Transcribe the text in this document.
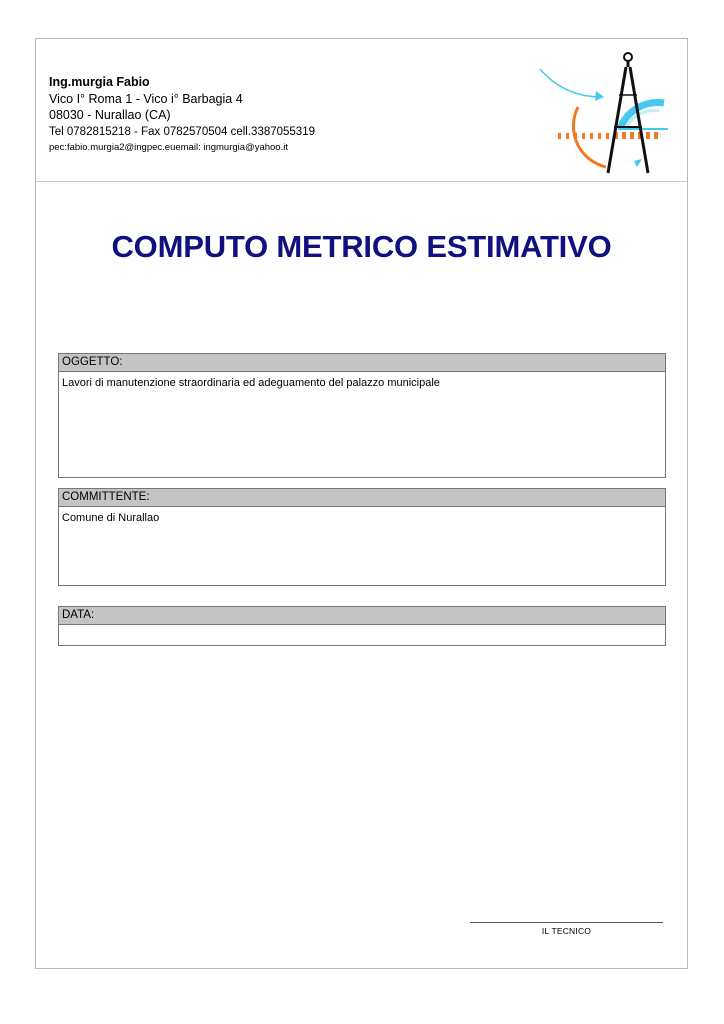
Ing.murgia Fabio
Vico I° Roma 1 - Vico i° Barbagia 4
08030 - Nurallao (CA)
Tel 0782815218 - Fax 0782570504 cell.3387055319
pec:fabio.murgia2@ingpec.euemail: ingmurgia@yahoo.it
COMPUTO METRICO ESTIMATIVO
OGGETTO:
Lavori di manutenzione straordinaria ed adeguamento del palazzo municipale
COMMITTENTE:
Comune di Nurallao
DATA:
IL TECNICO
